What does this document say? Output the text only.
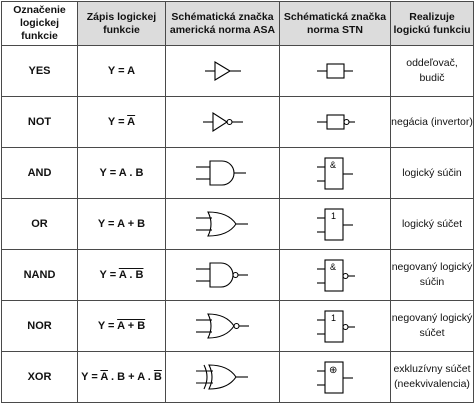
Označenie logickej funkcie	Zápis logickej funkcie	Schématická značka americká norma ASA	Schématická značka norma STN	Realizuje logickú funkciu
YES	Y = A			oddeľovač,
budič

NOT	$Y = \overline{A}$			negácia (invertor)

AND	Y = A . B		&	logický súčin

OR	Y = A + B		1	logický súčet

NAND	Y = A . B		&	negovaný logický
súčin

NOR	Y = A + B		1	negovaný logický
súčet

XOR	$Y = \overline{A}$ . B + A . $\overline{B}$		⊕	exkluzívny súčet
(neekvivalencia)
